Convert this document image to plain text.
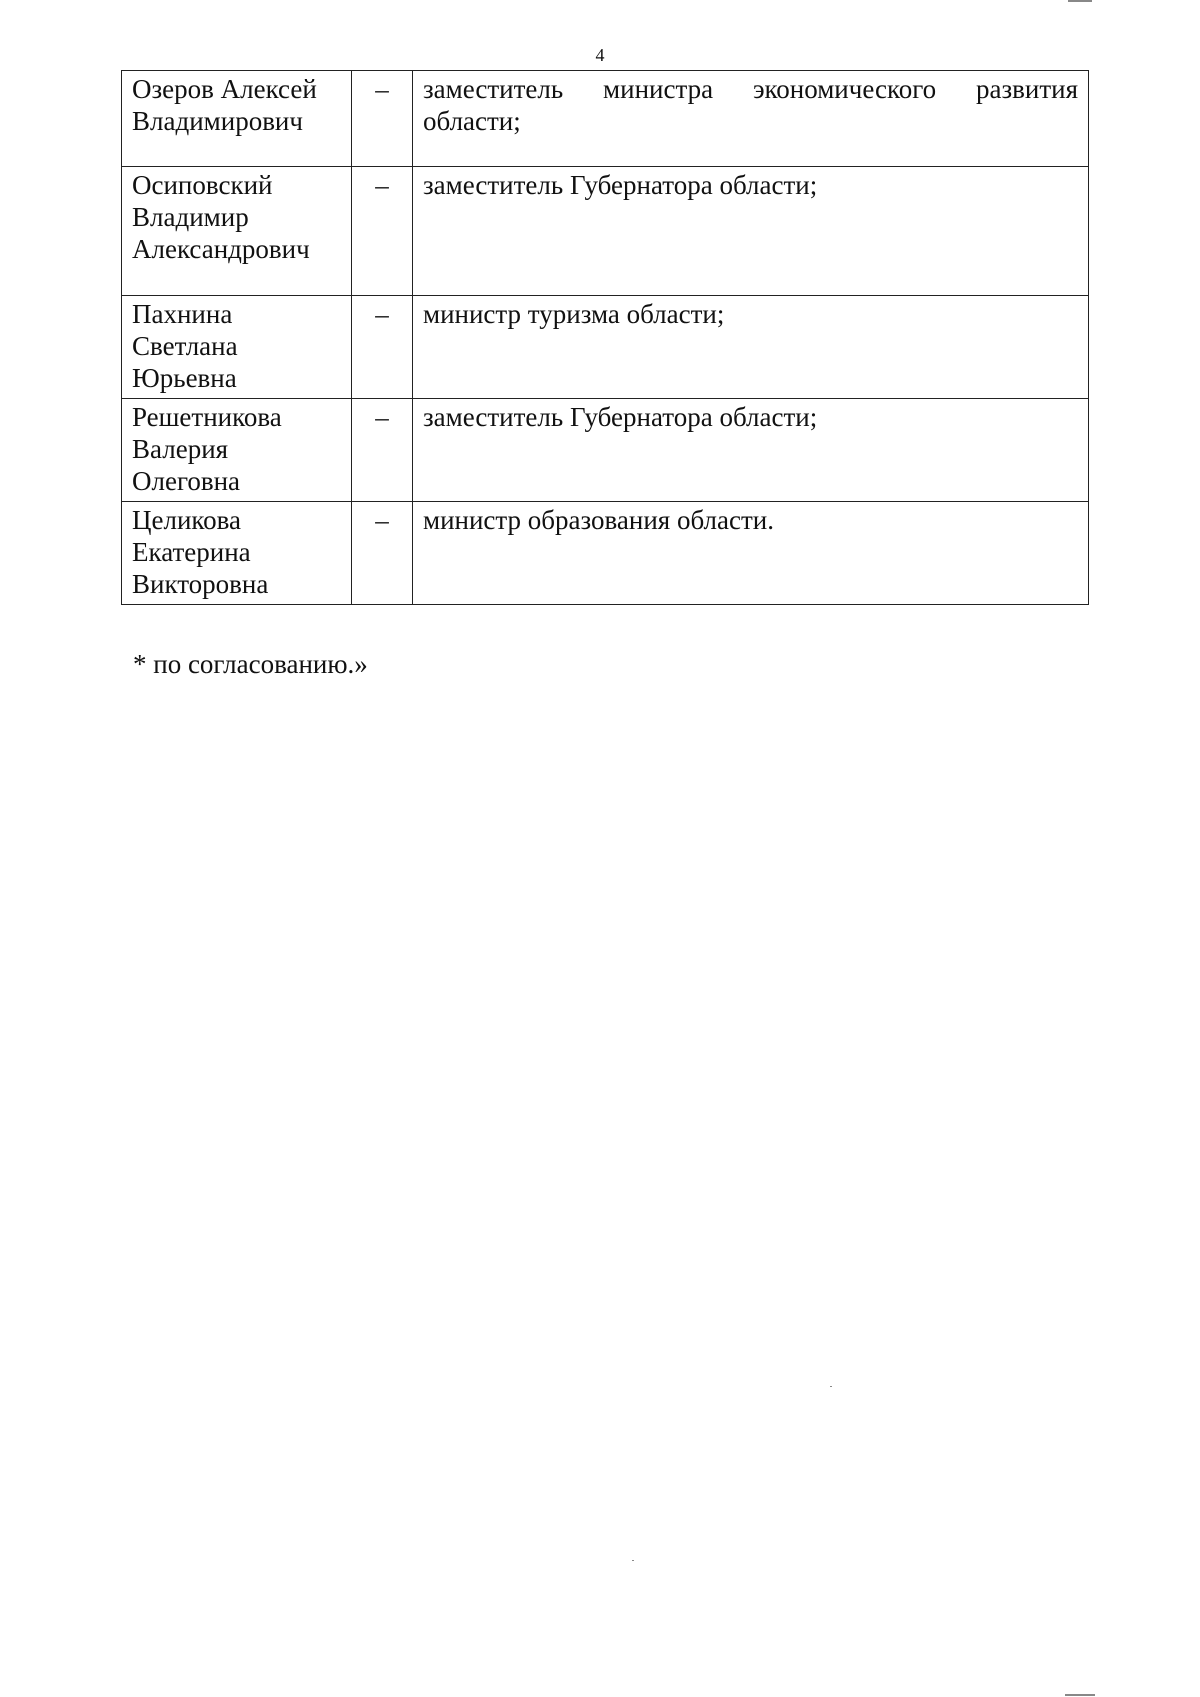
4
Озеров Алексей
Владимирович	–	заместитель министра экономического развития области;

Осиповский
Владимир
Александрович	–	заместитель Губернатора области;

Пахнина Светлана
Юрьевна	–	министр туризма области;

Решетникова
Валерия Олеговна	–	заместитель Губернатора области;

Целикова
Екатерина
Викторовна	–	министр образования области.
* по согласованию.»
